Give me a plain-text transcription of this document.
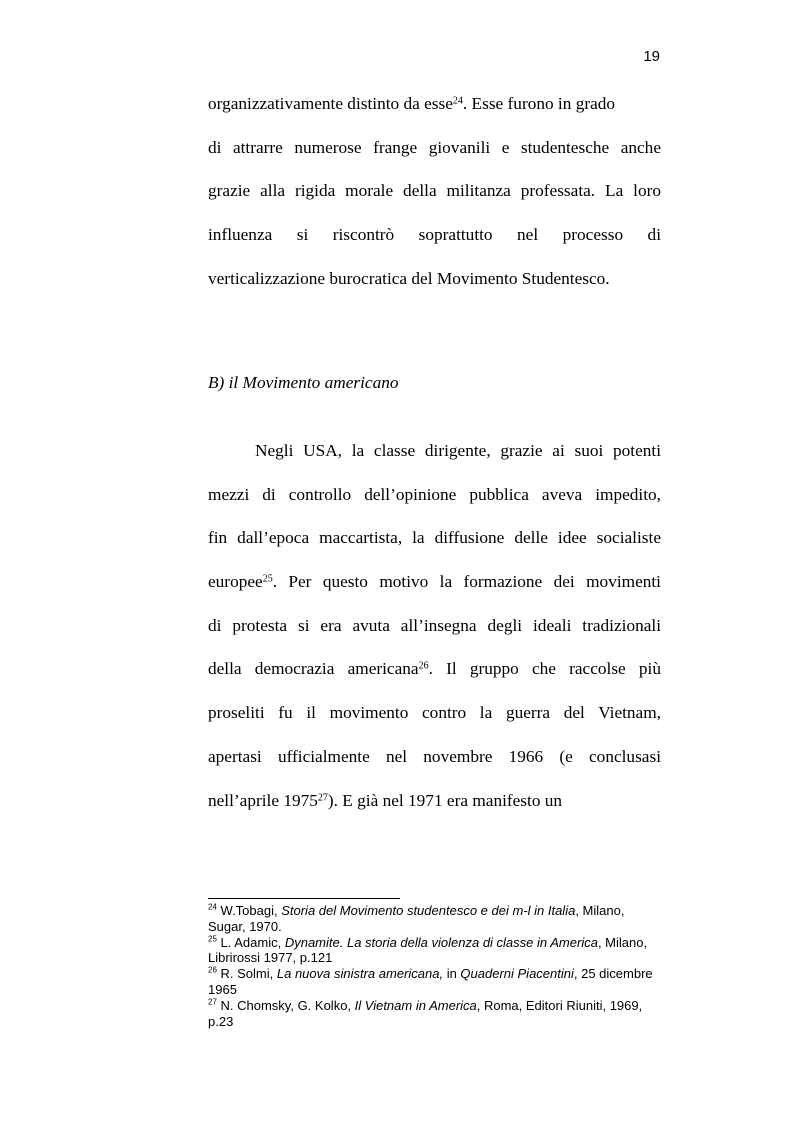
19
organizzativamente distinto da esse$^{24}$. Esse furono in grado
di attrarre numerose frange giovanili e studentesche anche
grazie alla rigida morale della militanza professata. La loro
influenza si riscontrò soprattutto nel processo di
verticalizzazione burocratica del Movimento Studentesco.
B) il Movimento americano
Negli USA, la classe dirigente, grazie ai suoi potenti
mezzi di controllo dell’opinione pubblica aveva impedito,
fin dall’epoca maccartista, la diffusione delle idee socialiste
europee$^{25}$. Per questo motivo la formazione dei movimenti
di protesta si era avuta all’insegna degli ideali tradizionali
della democrazia americana$^{26}$. Il gruppo che raccolse più
proseliti fu il movimento contro la guerra del Vietnam,
apertasi ufficialmente nel novembre 1966 (e conclusasi
nell’aprile 1975$^{27}$). E già nel 1971 era manifesto un
$^{24}$ W.Tobagi, Storia del Movimento studentesco e dei m-l in Italia, Milano, Sugar, 1970.
$^{25}$ L. Adamic, Dynamite. La storia della violenza di classe in America, Milano, Librirossi 1977, p.121
$^{26}$ R. Solmi, La nuova sinistra americana, in Quaderni Piacentini, 25 dicembre 1965
$^{27}$ N. Chomsky, G. Kolko, Il Vietnam in America, Roma, Editori Riuniti, 1969, p.23
